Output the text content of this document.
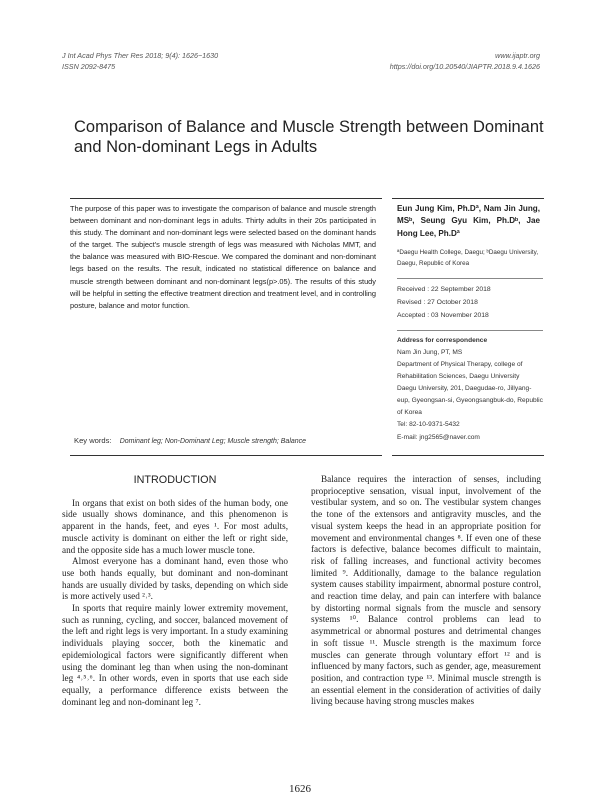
J Int Acad Phys Ther Res 2018; 9(4): 1626~1630
ISSN 2092-8475
www.ijaptr.org
https://doi.org/10.20540/JIAPTR.2018.9.4.1626
Comparison of Balance and Muscle Strength between Dominant and Non-dominant Legs in Adults
The purpose of this paper was to investigate the comparison of balance and muscle strength between dominant and non-dominant legs in adults. Thirty adults in their 20s participated in this study. The dominant and non-dominant legs were selected based on the dominant hands of the target. The subject's muscle strength of legs was measured with Nicholas MMT, and the balance was measured with BIO-Rescue. We compared the dominant and non-dominant legs based on the results. The result, indicated no statistical difference on balance and muscle strength between dominant and non-dominant legs(p>.05). The results of this study will be helpful in setting the effective treatment direction and treatment level, and in controlling posture, balance and motor function.
Key words: Dominant leg; Non-Dominant Leg; Muscle strength; Balance
Eun Jung Kim, Ph.Dª, Nam Jin Jung, MSᵇ, Seung Gyu Kim, Ph.Dᵇ, Jae Hong Lee, Ph.Dª
ªDaegu Health College, Daegu; ᵇDaegu University, Daegu, Republic of Korea
Received : 22 September 2018
Revised : 27 October 2018
Accepted : 03 November 2018
Address for correspondence
Nam Jin Jung, PT, MS
Department of Physical Therapy, college of Rehabilitation Sciences, Daegu University
Daegu University, 201, Daegudae-ro, Jillyang-eup, Gyeongsan-si, Gyeongsangbuk-do, Republic of Korea
Tel: 82-10-9371-5432
E-mail: jng2565@naver.com
INTRODUCTION

In organs that exist on both sides of the human body, one side usually shows dominance, and this phenomenon is apparent in the hands, feet, and eyes ¹. For most adults, muscle activity is dominant on either the left or right side, and the opposite side has a much lower muscle tone.

Almost everyone has a dominant hand, even those who use both hands equally, but dominant and non-dominant hands are usually divided by tasks, depending on which side is more actively used ²˒³.

In sports that require mainly lower extremity movement, such as running, cycling, and soccer, balanced movement of the left and right legs is very important. In a study examining individuals playing soccer, both the kinematic and epidemiological factors were significantly different when using the dominant leg than when using the non-dominant leg ⁴˒⁵˒⁶. In other words, even in sports that use each side equally, a performance difference exists between the dominant leg and non-dominant leg ⁷.

Balance requires the interaction of senses, including proprioceptive sensation, visual input, involvement of the vestibular system, and so on. The vestibular system changes the tone of the extensors and antigravity muscles, and the visual system keeps the head in an appropriate position for movement and environmental changes ⁸. If even one of these factors is defective, balance becomes difficult to maintain, risk of falling increases, and functional activity becomes limited ⁹. Additionally, damage to the balance regulation system causes stability impairment, abnormal posture control, and reaction time delay, and pain can interfere with balance by distorting normal signals from the muscle and sensory systems ¹⁰. Balance control problems can lead to asymmetrical or abnormal postures and detrimental changes in soft tissue ¹¹. Muscle strength is the maximum force muscles can generate through voluntary effort ¹² and is influenced by many factors, such as gender, age, measurement position, and contraction type ¹³. Minimal muscle strength is an essential element in the consideration of activities of daily living because having strong muscles makes

1626
